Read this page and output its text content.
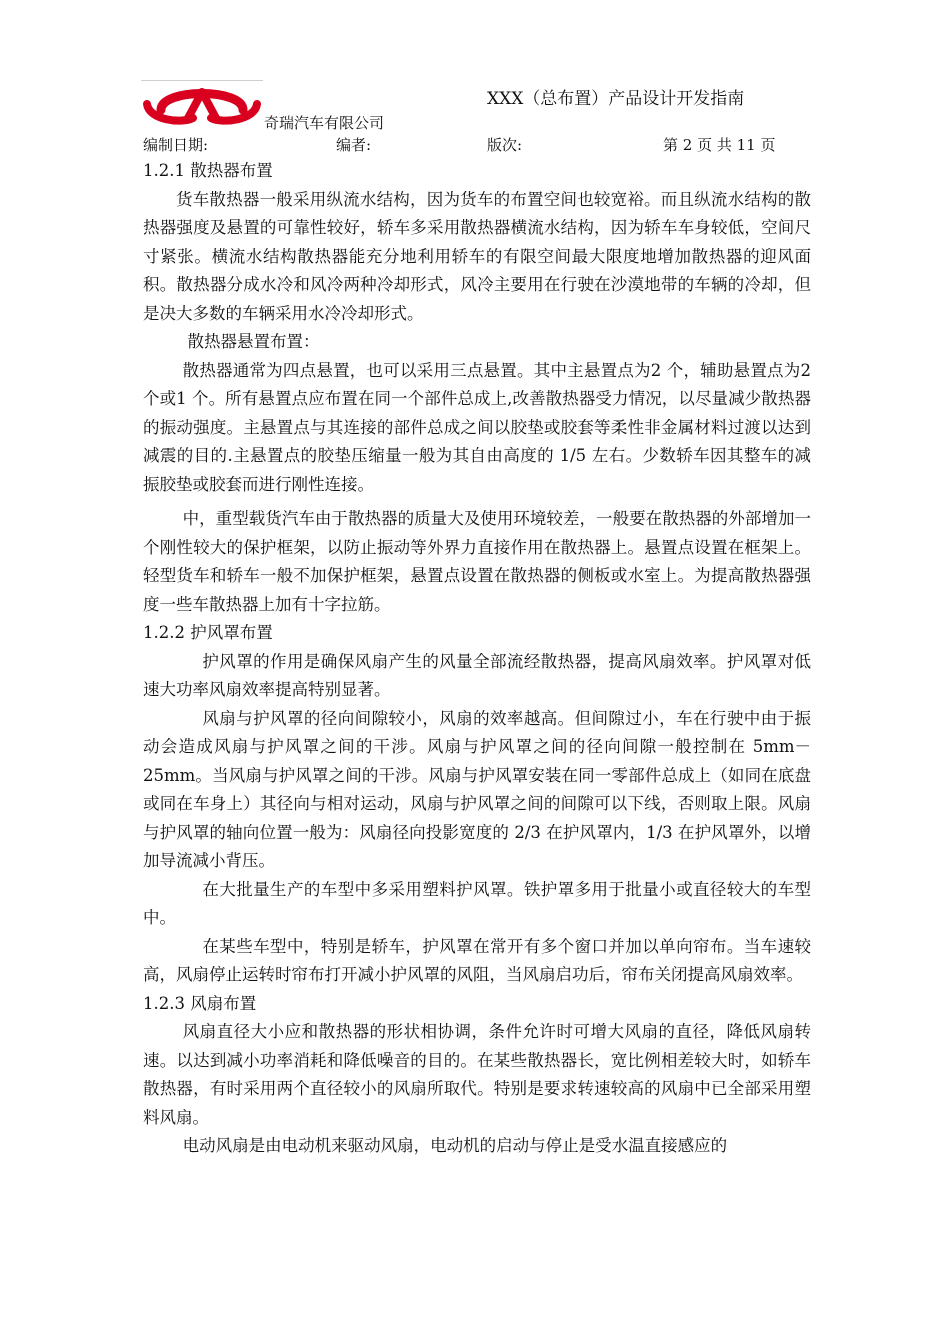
奇瑞汽车有限公司
XXX（总布置）产品设计开发指南
编制日期:	编者:	版次:	第 2 页 共 11 页
1.2.1 散热器布置

货车散热器一般采用纵流水结构，因为货车的布置空间也较宽裕。而且纵流水结构的散热器强度及悬置的可靠性较好，轿车多采用散热器横流水结构，因为轿车车身较低，空间尺寸紧张。横流水结构散热器能充分地利用轿车的有限空间最大限度地增加散热器的迎风面积。散热器分成水冷和风冷两种冷却形式，风冷主要用在行驶在沙漠地带的车辆的冷却，但是决大多数的车辆采用水冷冷却形式。

散热器悬置布置：

散热器通常为四点悬置，也可以采用三点悬置。其中主悬置点为2 个，辅助悬置点为2 个或1 个。所有悬置点应布置在同一个部件总成上,改善散热器受力情况，以尽量减少散热器的振动强度。主悬置点与其连接的部件总成之间以胶垫或胶套等柔性非金属材料过渡以达到减震的目的.主悬置点的胶垫压缩量一般为其自由高度的 1/5 左右。少数轿车因其整车的减振胶垫或胶套而进行刚性连接。

中，重型载货汽车由于散热器的质量大及使用环境较差，一般要在散热器的外部增加一个刚性较大的保护框架，以防止振动等外界力直接作用在散热器上。悬置点设置在框架上。轻型货车和轿车一般不加保护框架，悬置点设置在散热器的侧板或水室上。为提高散热器强度一些车散热器上加有十字拉筋。

1.2.2 护风罩布置

护风罩的作用是确保风扇产生的风量全部流经散热器，提高风扇效率。护风罩对低速大功率风扇效率提高特别显著。

风扇与护风罩的径向间隙较小，风扇的效率越高。但间隙过小，车在行驶中由于振动会造成风扇与护风罩之间的干涉。风扇与护风罩之间的径向间隙一般控制在 5mm－25mm。当风扇与护风罩之间的干涉。风扇与护风罩安装在同一零部件总成上（如同在底盘或同在车身上）其径向与相对运动，风扇与护风罩之间的间隙可以下线，否则取上限。风扇与护风罩的轴向位置一般为：风扇径向投影宽度的 2/3 在护风罩内，1/3 在护风罩外，以增加导流减小背压。

在大批量生产的车型中多采用塑料护风罩。铁护罩多用于批量小或直径较大的车型中。

在某些车型中，特别是轿车，护风罩在常开有多个窗口并加以单向帘布。当车速较高，风扇停止运转时帘布打开减小护风罩的风阻，当风扇启功后，帘布关闭提高风扇效率。

1.2.3 风扇布置

风扇直径大小应和散热器的形状相协调，条件允许时可增大风扇的直径，降低风扇转速。以达到减小功率消耗和降低噪音的目的。在某些散热器长，宽比例相差较大时，如轿车散热器，有时采用两个直径较小的风扇所取代。特别是要求转速较高的风扇中已全部采用塑料风扇。

电动风扇是由电动机来驱动风扇，电动机的启动与停止是受水温直接感应的
